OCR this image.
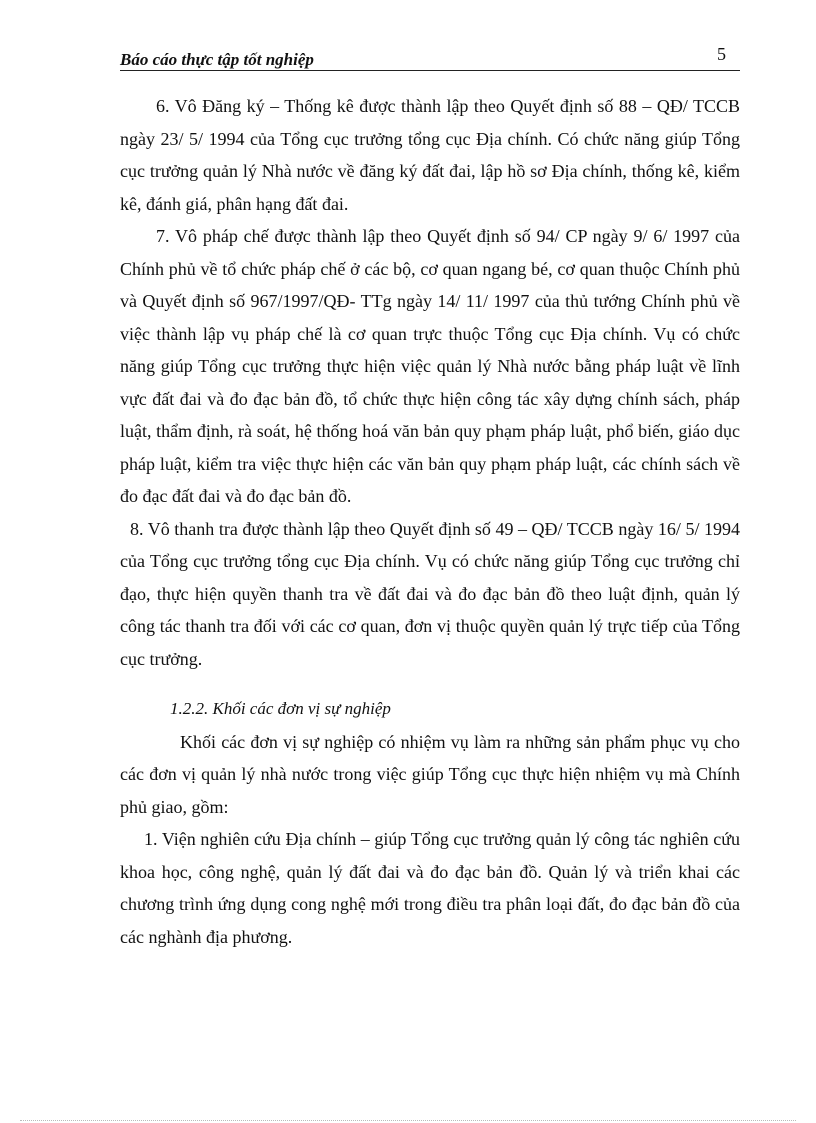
Báo cáo thực tập tốt nghiệp	5

6. Vô Đăng ký – Thống kê được thành lập theo Quyết định số 88 – QĐ/ TCCB ngày 23/ 5/ 1994 của Tổng cục trưởng tổng cục Địa chính. Có chức năng giúp Tổng cục trưởng quản lý Nhà nước về đăng ký đất đai, lập hồ sơ Địa chính, thống kê, kiểm kê, đánh giá, phân hạng đất đai.

7. Vô pháp chế được thành lập theo Quyết định số 94/ CP ngày 9/ 6/ 1997 của Chính phủ về tổ chức pháp chế ở các bộ, cơ quan ngang bé, cơ quan thuộc Chính phủ và Quyết định số 967/1997/QĐ- TTg ngày 14/ 11/ 1997 của thủ tướng Chính phủ về việc thành lập vụ pháp chế là cơ quan trực thuộc Tổng cục Địa chính. Vụ có chức năng giúp Tổng cục trưởng thực hiện việc quản lý Nhà nước bằng pháp luật về lĩnh vực đất đai và đo đạc bản đồ, tổ chức thực hiện công tác xây dựng chính sách, pháp luật, thẩm định, rà soát, hệ thống hoá văn bản quy phạm pháp luật, phổ biến, giáo dục pháp luật, kiểm tra việc thực hiện các văn bản quy phạm pháp luật, các chính sách về đo đạc đất đai và đo đạc bản đồ.

8. Vô thanh tra được thành lập theo Quyết định số 49 – QĐ/ TCCB ngày 16/ 5/ 1994 của Tổng cục trưởng tổng cục Địa chính. Vụ có chức năng giúp Tổng cục trưởng chỉ đạo, thực hiện quyền thanh tra về đất đai và đo đạc bản đồ theo luật định, quản lý công tác thanh tra đối với các cơ quan, đơn vị thuộc quyền quản lý trực tiếp của Tổng cục trưởng.

1.2.2. Khối các đơn vị sự nghiệp

Khối các đơn vị sự nghiệp có nhiệm vụ làm ra những sản phẩm phục vụ cho các đơn vị quản lý nhà nước trong việc giúp Tổng cục thực hiện nhiệm vụ mà Chính phủ giao, gồm:

1. Viện nghiên cứu Địa chính – giúp Tổng cục trưởng quản lý công tác nghiên cứu khoa học, công nghệ, quản lý đất đai và đo đạc bản đồ. Quản lý và triển khai các chương trình ứng dụng cong nghệ mới trong điều tra phân loại đất, đo đạc bản đồ của các nghành địa phương.
